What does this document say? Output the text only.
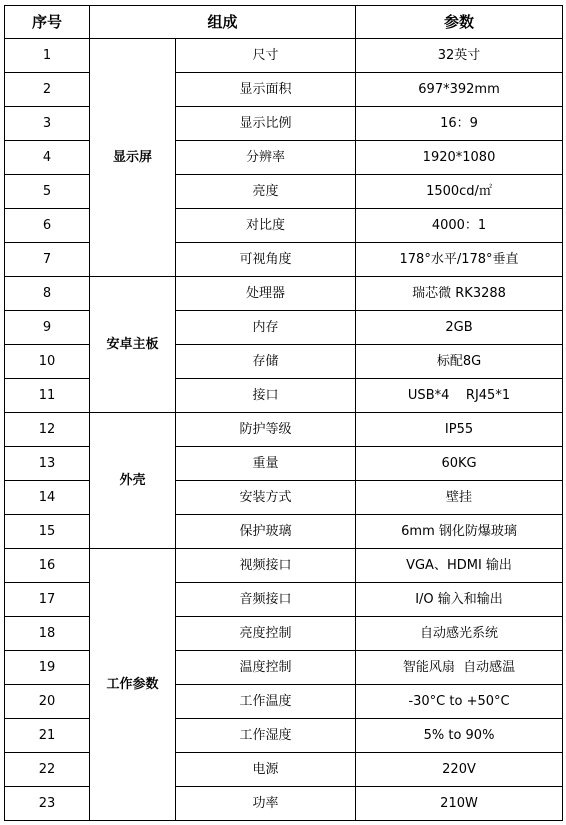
序号	组成		参数
1	显示屏	尺寸	32英寸
2		显示面积	697*392mm
3		显示比例	16：9
4		分辨率	1920*1080
5		亮度	1500cd/㎡
6		对比度	4000：1
7		可视角度	178°水平/178°垂直
8	安卓主板	处理器	瑞芯微 RK3288
9		内存	2GB
10		存储	标配8G
11		接口	USB*4    RJ45*1
12	外壳	防护等级	IP55
13		重量	60KG
14		安装方式	壁挂
15		保护玻璃	6mm 钢化防爆玻璃
16	工作参数	视频接口	VGA、HDMI 输出
17		音频接口	I/O 输入和输出
18		亮度控制	自动感光系统
19		温度控制	智能风扇  自动感温
20		工作温度	-30°C to +50°C
21		工作湿度	5% to 90%
22		电源	220V
23		功率	210W
